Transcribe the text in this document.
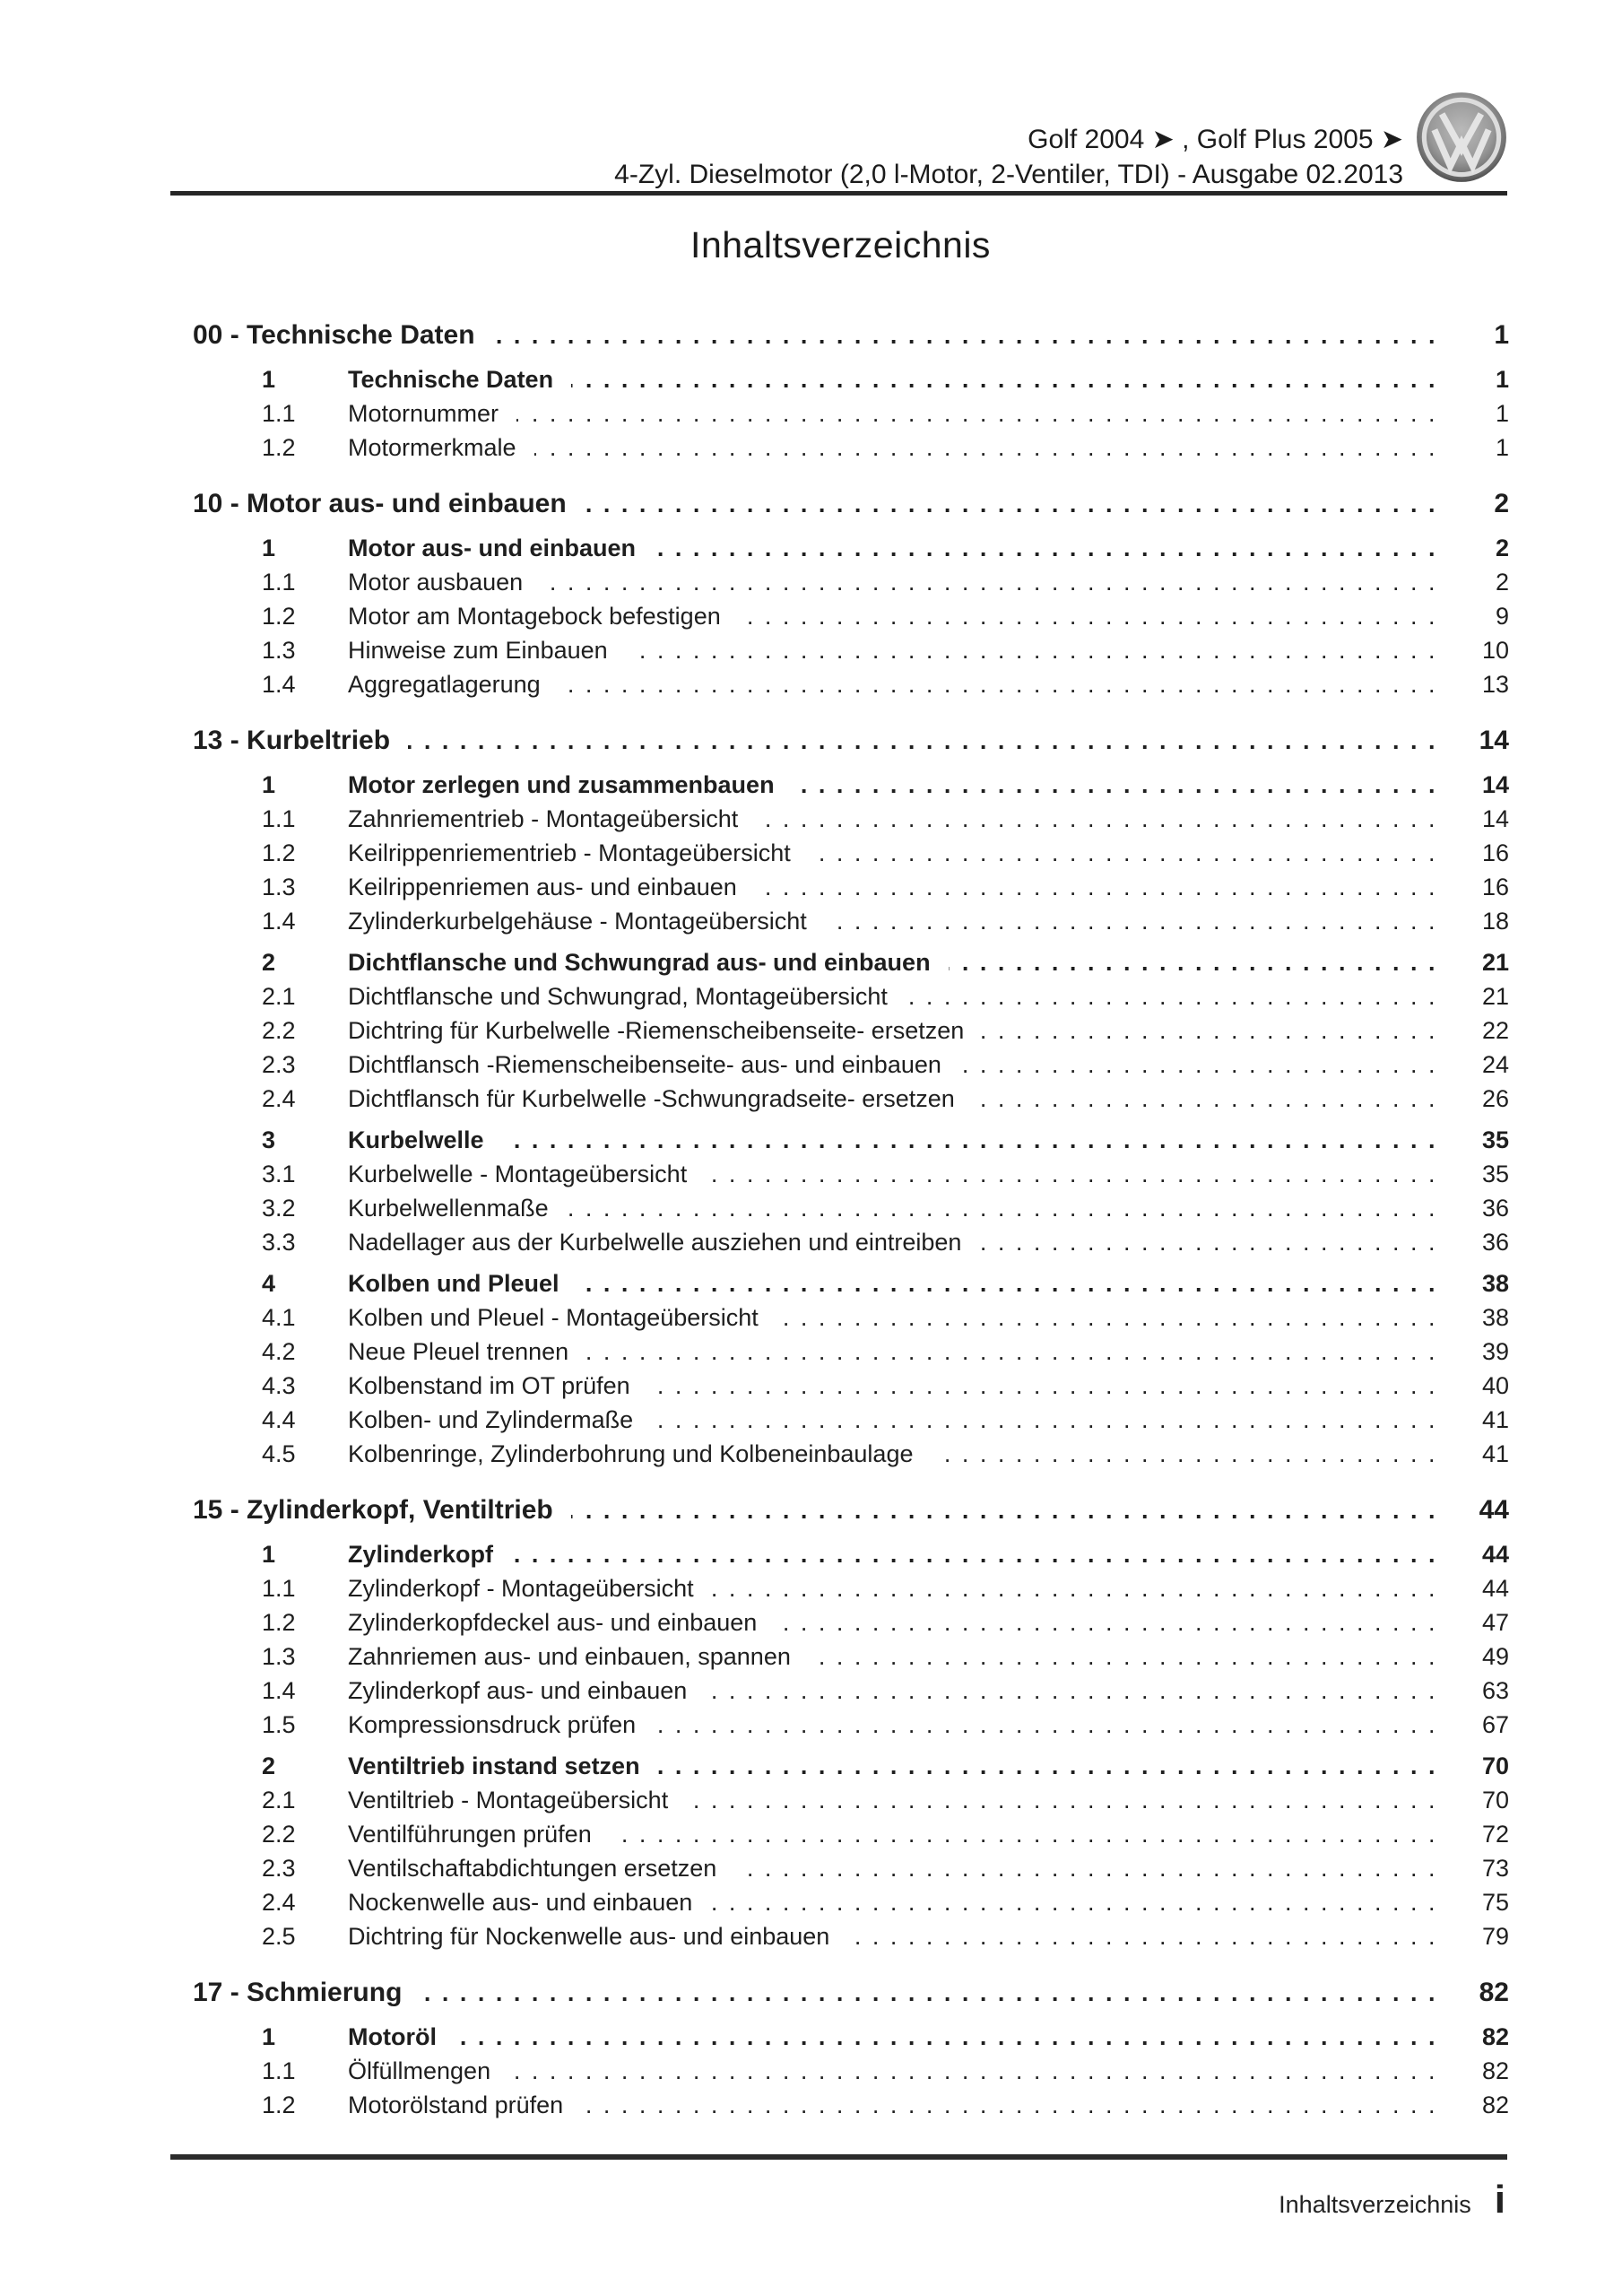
Golf 2004 ➤ , Golf Plus 2005 ➤
4-Zyl. Dieselmotor (2,0 l-Motor, 2-Ventiler, TDI) - Ausgabe 02.2013
Inhaltsverzeichnis
00 - Technische Daten . . .	1
1	Technische Daten . . .	1
1.1	Motornummer . . .	1
1.2	Motormerkmale . . .	1
10 - Motor aus- und einbauen . . .	2
1	Motor aus- und einbauen . . .	2
1.1	Motor ausbauen . . .	2
1.2	Motor am Montagebock befestigen . . .	9
1.3	Hinweise zum Einbauen . . .	10
1.4	Aggregatlagerung . . .	13
13 - Kurbeltrieb . . .	14
1	Motor zerlegen und zusammenbauen . . .	14
1.1	Zahnriementrieb - Montageübersicht . . .	14
1.2	Keilrippenriementrieb - Montageübersicht . . .	16
1.3	Keilrippenriemen aus- und einbauen . . .	16
1.4	Zylinderkurbelgehäuse - Montageübersicht . . .	18
2	Dichtflansche und Schwungrad aus- und einbauen . . .	21
2.1	Dichtflansche und Schwungrad, Montageübersicht . . .	21
2.2	Dichtring für Kurbelwelle -Riemenscheibenseite- ersetzen . . .	22
2.3	Dichtflansch -Riemenscheibenseite- aus- und einbauen . . .	24
2.4	Dichtflansch für Kurbelwelle -Schwungradseite- ersetzen . . .	26
3	Kurbelwelle . . .	35
3.1	Kurbelwelle - Montageübersicht . . .	35
3.2	Kurbelwellenmaße . . .	36
3.3	Nadellager aus der Kurbelwelle ausziehen und eintreiben . . .	36
4	Kolben und Pleuel . . .	38
4.1	Kolben und Pleuel - Montageübersicht . . .	38
4.2	Neue Pleuel trennen . . .	39
4.3	Kolbenstand im OT prüfen . . .	40
4.4	Kolben- und Zylindermaße . . .	41
4.5	Kolbenringe, Zylinderbohrung und Kolbeneinbaulage . . .	41
15 - Zylinderkopf, Ventiltrieb . . .	44
1	Zylinderkopf . . .	44
1.1	Zylinderkopf - Montageübersicht . . .	44
1.2	Zylinderkopfdeckel aus- und einbauen . . .	47
1.3	Zahnriemen aus- und einbauen, spannen . . .	49
1.4	Zylinderkopf aus- und einbauen . . .	63
1.5	Kompressionsdruck prüfen . . .	67
2	Ventiltrieb instand setzen . . .	70
2.1	Ventiltrieb - Montageübersicht . . .	70
2.2	Ventilführungen prüfen . . .	72
2.3	Ventilschaftabdichtungen ersetzen . . .	73
2.4	Nockenwelle aus- und einbauen . . .	75
2.5	Dichtring für Nockenwelle aus- und einbauen . . .	79
17 - Schmierung . . .	82
1	Motoröl . . .	82
1.1	Ölfüllmengen . . .	82
1.2	Motorölstand prüfen . . .	82
Inhaltsverzeichnis i
